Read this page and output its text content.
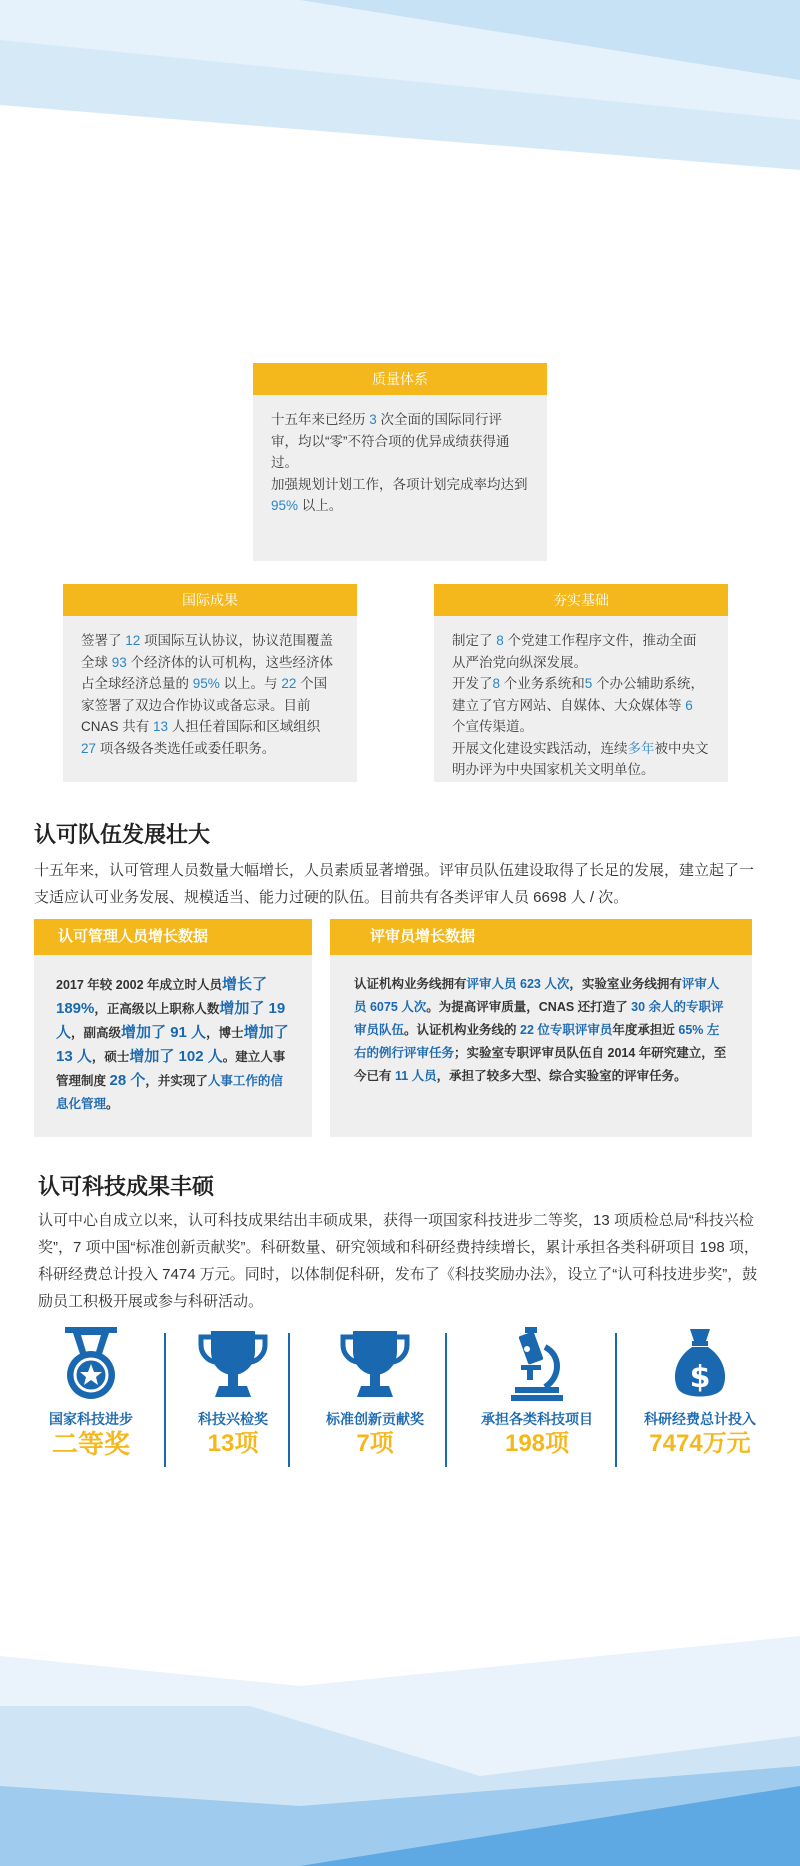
质量体系

十五年来已经历 3 次全面的国际同行评审，均以“零”不符合项的优异成绩获得通过。

加强规划计划工作，各项计划完成率均达到 95% 以上。

国际成果

签署了 12 项国际互认协议，协议范围覆盖全球 93 个经济体的认可机构，这些经济体占全球经济总量的 95% 以上。与 22 个国家签署了双边合作协议或备忘录。目前 CNAS 共有 13 人担任着国际和区域组织 27 项各级各类选任或委任职务。

夯实基础

制定了 8 个党建工作程序文件，推动全面从严治党向纵深发展。

开发了8 个业务系统和5 个办公辅助系统，建立了官方网站、自媒体、大众媒体等 6 个宣传渠道。

开展文化建设实践活动，连续多年被中央文明办评为中央国家机关文明单位。

认可队伍发展壮大

十五年来，认可管理人员数量大幅增长，人员素质显著增强。评审员队伍建设取得了长足的发展，建立起了一支适应认可业务发展、规模适当、能力过硬的队伍。目前共有各类评审人员 6698 人 / 次。

认可管理人员增长数据

2017 年较 2002 年成立时人员增长了 189%，正高级以上职称人数增加了 19 人，副高级增加了 91 人，博士增加了 13 人，硕士增加了 102 人。建立人事管理制度 28 个，并实现了人事工作的信息化管理。

评审员增长数据

认证机构业务线拥有评审人员 623 人次，实验室业务线拥有评审人员 6075 人次。为提高评审质量，CNAS 还打造了 30 余人的专职评审员队伍。认证机构业务线的 22 位专职评审员年度承担近 65% 左右的例行评审任务；实验室专职评审员队伍自 2014 年研究建立，至今已有 11 人员，承担了较多大型、综合实验室的评审任务。

认可科技成果丰硕

认可中心自成立以来，认可科技成果结出丰硕成果，获得一项国家科技进步二等奖，13 项质检总局“科技兴检奖”，7 项中国“标准创新贡献奖”。科研数量、研究领域和科研经费持续增长，累计承担各类科研项目 198 项，科研经费总计投入 7474 万元。同时，以体制促科研，发布了《科技奖励办法》，设立了“认可科技进步奖”，鼓励员工积极开展或参与科研活动。

国家科技进步
二等奖
科技兴检奖
13项
标准创新贡献奖
7项
承担各类科技项目
198项
$
科研经费总计投入
7474万元
